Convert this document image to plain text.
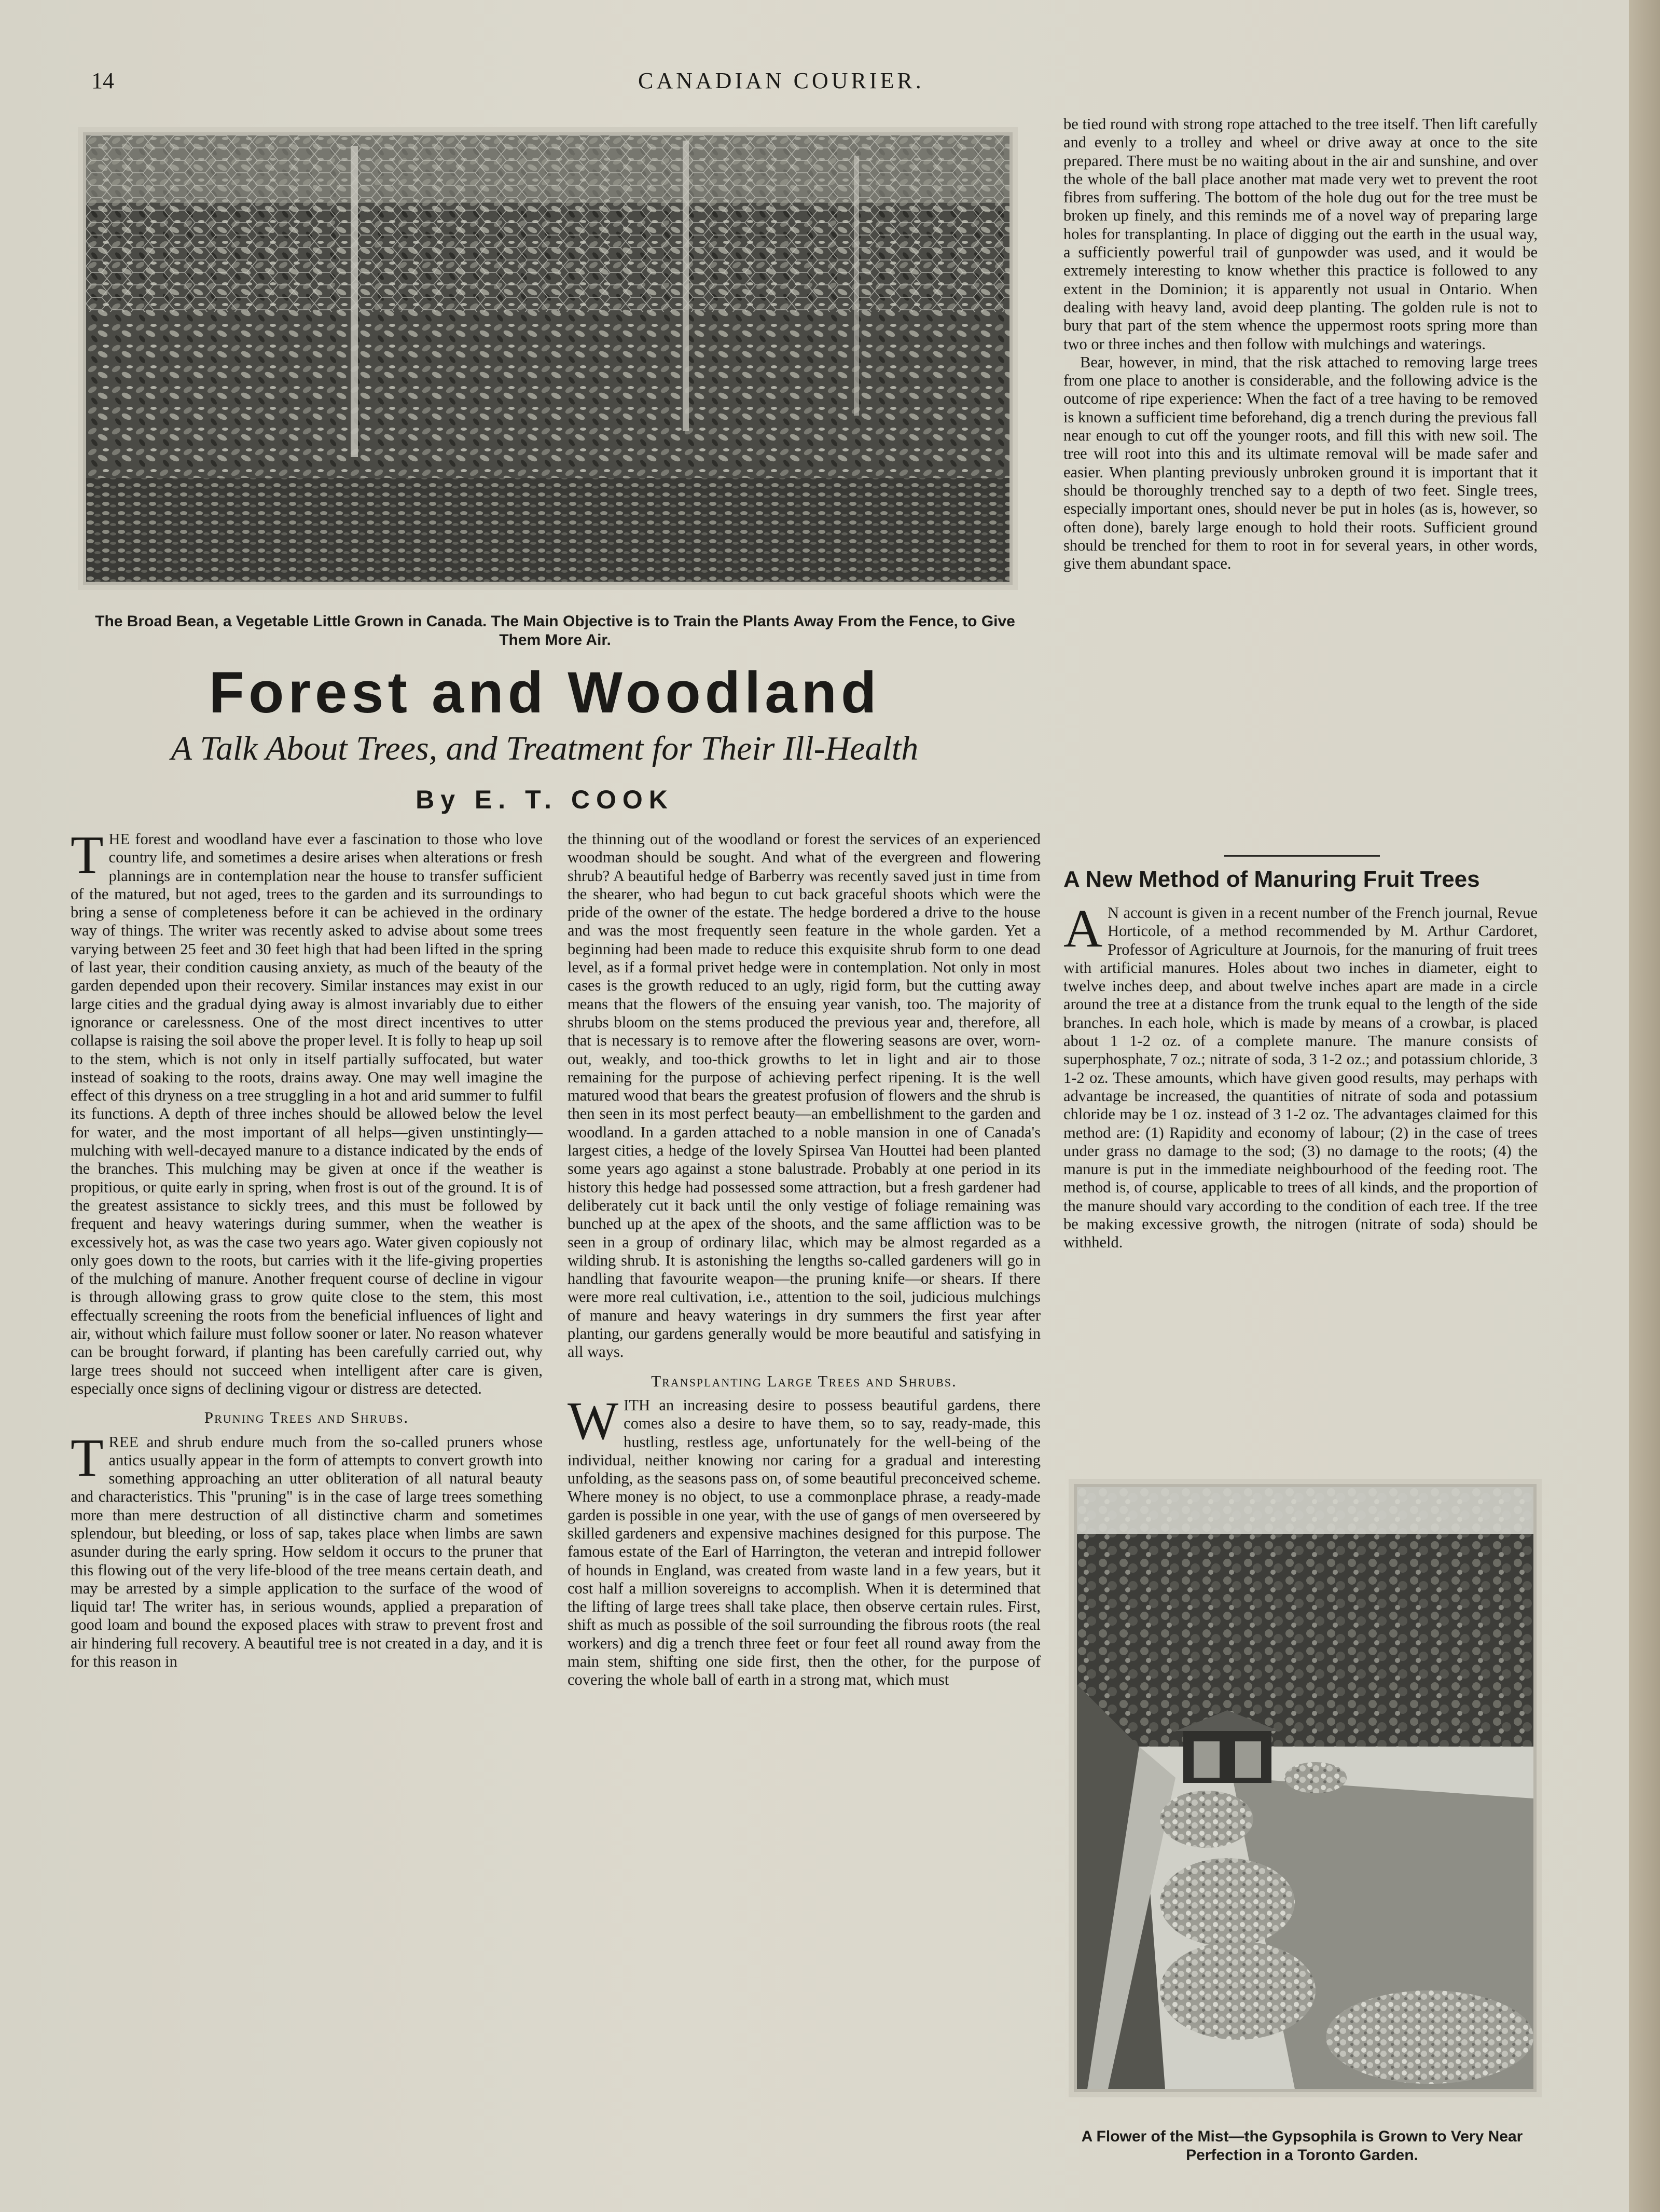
14	CANADIAN COURIER.
The Broad Bean, a Vegetable Little Grown in Canada. The Main Objective is to Train the Plants Away From the Fence, to Give Them More Air.
Forest and Woodland
A Talk About Trees, and Treatment for Their Ill-Health
By E. T. COOK

THE forest and woodland have ever a fascination to those who love country life, and sometimes a desire arises when alterations or fresh plannings are in contemplation near the house to transfer sufficient of the matured, but not aged, trees to the garden and its surroundings to bring a sense of completeness before it can be achieved in the ordinary way of things. The writer was recently asked to advise about some trees varying between 25 feet and 30 feet high that had been lifted in the spring of last year, their condition causing anxiety, as much of the beauty of the garden depended upon their recovery. Similar instances may exist in our large cities and the gradual dying away is almost invariably due to either ignorance or carelessness. One of the most direct incentives to utter collapse is raising the soil above the proper level. It is folly to heap up soil to the stem, which is not only in itself partially suffocated, but water instead of soaking to the roots, drains away. One may well imagine the effect of this dryness on a tree struggling in a hot and arid summer to fulfil its functions. A depth of three inches should be allowed below the level for water, and the most important of all helps—given unstintingly—mulching with well-decayed manure to a distance indicated by the ends of the branches. This mulching may be given at once if the weather is propitious, or quite early in spring, when frost is out of the ground. It is of the greatest assistance to sickly trees, and this must be followed by frequent and heavy waterings during summer, when the weather is excessively hot, as was the case two years ago. Water given copiously not only goes down to the roots, but carries with it the life-giving properties of the mulching of manure. Another frequent course of decline in vigour is through allowing grass to grow quite close to the stem, this most effectually screening the roots from the beneficial influences of light and air, without which failure must follow sooner or later. No reason whatever can be brought forward, if planting has been carefully carried out, why large trees should not succeed when intelligent after care is given, especially once signs of declining vigour or distress are detected.

Pruning Trees and Shrubs.

TREE and shrub endure much from the so-called pruners whose antics usually appear in the form of attempts to convert growth into something approaching an utter obliteration of all natural beauty and characteristics. This "pruning" is in the case of large trees something more than mere destruction of all distinctive charm and sometimes splendour, but bleeding, or loss of sap, takes place when limbs are sawn asunder during the early spring. How seldom it occurs to the pruner that this flowing out of the very life-blood of the tree means certain death, and may be arrested by a simple application to the surface of the wood of liquid tar! The writer has, in serious wounds, applied a preparation of good loam and bound the exposed places with straw to prevent frost and air hindering full recovery. A beautiful tree is not created in a day, and it is for this reason in

the thinning out of the woodland or forest the services of an experienced woodman should be sought. And what of the evergreen and flowering shrub? A beautiful hedge of Barberry was recently saved just in time from the shearer, who had begun to cut back graceful shoots which were the pride of the owner of the estate. The hedge bordered a drive to the house and was the most frequently seen feature in the whole garden. Yet a beginning had been made to reduce this exquisite shrub form to one dead level, as if a formal privet hedge were in contemplation. Not only in most cases is the growth reduced to an ugly, rigid form, but the cutting away means that the flowers of the ensuing year vanish, too. The majority of shrubs bloom on the stems produced the previous year and, therefore, all that is necessary is to remove after the flowering seasons are over, worn-out, weakly, and too-thick growths to let in light and air to those remaining for the purpose of achieving perfect ripening. It is the well matured wood that bears the greatest profusion of flowers and the shrub is then seen in its most perfect beauty—an embellishment to the garden and woodland. In a garden attached to a noble mansion in one of Canada's largest cities, a hedge of the lovely Spirsea Van Houttei had been planted some years ago against a stone balustrade. Probably at one period in its history this hedge had possessed some attraction, but a fresh gardener had deliberately cut it back until the only vestige of foliage remaining was bunched up at the apex of the shoots, and the same affliction was to be seen in a group of ordinary lilac, which may be almost regarded as a wilding shrub. It is astonishing the lengths so-called gardeners will go in handling that favourite weapon—the pruning knife—or shears. If there were more real cultivation, i.e., attention to the soil, judicious mulchings of manure and heavy waterings in dry summers the first year after planting, our gardens generally would be more beautiful and satisfying in all ways.

Transplanting Large Trees and Shrubs.

WITH an increasing desire to possess beautiful gardens, there comes also a desire to have them, so to say, ready-made, this hustling, restless age, unfortunately for the well-being of the individual, neither knowing nor caring for a gradual and interesting unfolding, as the seasons pass on, of some beautiful preconceived scheme. Where money is no object, to use a commonplace phrase, a ready-made garden is possible in one year, with the use of gangs of men overseered by skilled gardeners and expensive machines designed for this purpose. The famous estate of the Earl of Harrington, the veteran and intrepid follower of hounds in England, was created from waste land in a few years, but it cost half a million sovereigns to accomplish. When it is determined that the lifting of large trees shall take place, then observe certain rules. First, shift as much as possible of the soil surrounding the fibrous roots (the real workers) and dig a trench three feet or four feet all round away from the main stem, shifting one side first, then the other, for the purpose of covering the whole ball of earth in a strong mat, which must

be tied round with strong rope attached to the tree itself. Then lift carefully and evenly to a trolley and wheel or drive away at once to the site prepared. There must be no waiting about in the air and sunshine, and over the whole of the ball place another mat made very wet to prevent the root fibres from suffering. The bottom of the hole dug out for the tree must be broken up finely, and this reminds me of a novel way of preparing large holes for transplanting. In place of digging out the earth in the usual way, a sufficiently powerful trail of gunpowder was used, and it would be extremely interesting to know whether this practice is followed to any extent in the Dominion; it is apparently not usual in Ontario. When dealing with heavy land, avoid deep planting. The golden rule is not to bury that part of the stem whence the uppermost roots spring more than two or three inches and then follow with mulchings and waterings.

Bear, however, in mind, that the risk attached to removing large trees from one place to another is considerable, and the following advice is the outcome of ripe experience: When the fact of a tree having to be removed is known a sufficient time beforehand, dig a trench during the previous fall near enough to cut off the younger roots, and fill this with new soil. The tree will root into this and its ultimate removal will be made safer and easier. When planting previously unbroken ground it is important that it should be thoroughly trenched say to a depth of two feet. Single trees, especially important ones, should never be put in holes (as is, however, so often done), barely large enough to hold their roots. Sufficient ground should be trenched for them to root in for several years, in other words, give them abundant space.

A New Method of Manuring Fruit Trees

A N account is given in a recent number of the French journal, Revue Horticole, of a method recommended by M. Arthur Cardoret, Professor of Agriculture at Journois, for the manuring of fruit trees with artificial manures. Holes about two inches in diameter, eight to twelve inches deep, and about twelve inches apart are made in a circle around the tree at a distance from the trunk equal to the length of the side branches. In each hole, which is made by means of a crowbar, is placed about 1 1-2 oz. of a complete manure. The manure consists of superphosphate, 7 oz.; nitrate of soda, 3 1-2 oz.; and potassium chloride, 3 1-2 oz. These amounts, which have given good results, may perhaps with advantage be increased, the quantities of nitrate of soda and potassium chloride may be 1 oz. instead of 3 1-2 oz. The advantages claimed for this method are: (1) Rapidity and economy of labour; (2) in the case of trees under grass no damage to the sod; (3) no damage to the roots; (4) the manure is put in the immediate neighbourhood of the feeding root. The method is, of course, applicable to trees of all kinds, and the proportion of the manure should vary according to the condition of each tree. If the tree be making excessive growth, the nitrogen (nitrate of soda) should be withheld.

A Flower of the Mist—the Gypsophila is Grown to Very Near Perfection in a Toronto Garden.
